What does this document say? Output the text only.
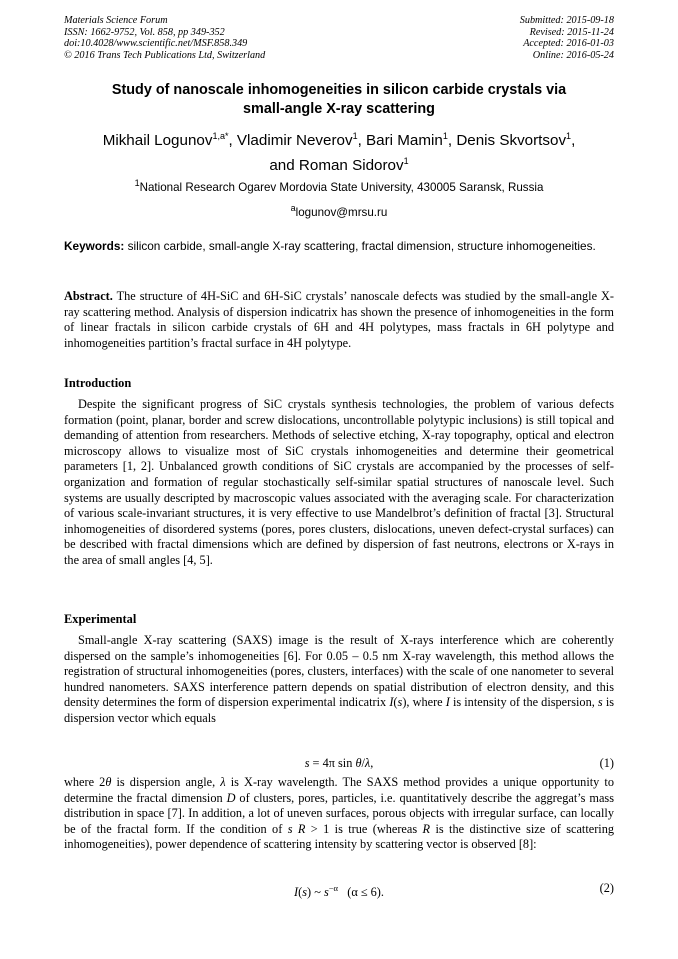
Materials Science Forum
ISSN: 1662-9752, Vol. 858, pp 349-352
doi:10.4028/www.scientific.net/MSF.858.349
© 2016 Trans Tech Publications Ltd, Switzerland
Submitted: 2015-09-18
Revised: 2015-11-24
Accepted: 2016-01-03
Online: 2016-05-24
Study of nanoscale inhomogeneities in silicon carbide crystals via
small-angle X-ray scattering
Mikhail Logunov$^{1,a*}$, Vladimir Neverov$^1$, Bari Mamin$^1$, Denis Skvortsov$^1$,
and Roman Sidorov$^1$
$^1$National Research Ogarev Mordovia State University, 430005 Saransk, Russia
$^a$logunov@mrsu.ru
Keywords: silicon carbide, small-angle X-ray scattering, fractal dimension, structure inhomogeneities.

Abstract. The structure of 4H-SiC and 6H-SiC crystals’ nanoscale defects was studied by the small-angle X-ray scattering method. Analysis of dispersion indicatrix has shown the presence of inhomogeneities in the form of linear fractals in silicon carbide crystals of 6H and 4H polytypes, mass fractals in 6H polytype and inhomogeneities partition’s fractal surface in 4H polytype.

Introduction

Despite the significant progress of SiC crystals synthesis technologies, the problem of various defects formation (point, planar, border and screw dislocations, uncontrollable polytypic inclusions) is still topical and demanding of attention from researchers. Methods of selective etching, X-ray topography, optical and electron microscopy allows to visualize most of SiC crystals inhomogeneities and determine their geometrical parameters [1, 2]. Unbalanced growth conditions of SiC crystals are accompanied by the processes of self-organization and formation of regular stochastically self-similar spatial structures of nanoscale level. Such systems are usually descripted by macroscopic values associated with the averaging scale. For characterization of various scale-invariant structures, it is very effective to use Mandelbrot’s definition of fractal [3]. Structural inhomogeneities of disordered systems (pores, pores clusters, dislocations, uneven defect-crystal surfaces) can be described with fractal dimensions which are defined by dispersion of fast neutrons, electrons or X-rays in the area of small angles [4, 5].

Experimental

Small-angle X-ray scattering (SAXS) image is the result of X-rays interference which are coherently dispersed on the sample’s inhomogeneities [6]. For 0.05 – 0.5 nm X-ray wavelength, this method allows the registration of structural inhomogeneities (pores, clusters, interfaces) with the scale of one nanometer to several hundred nanometers. SAXS interference pattern depends on spatial distribution of electron density, and this density determines the form of dispersion experimental indicatrix I(s), where I is intensity of the dispersion, s is dispersion vector which equals

s = 4π sin θ/λ,	(1)

where 2θ is dispersion angle, λ is X-ray wavelength. The SAXS method provides a unique opportunity to determine the fractal dimension D of clusters, pores, particles, i.e. quantitatively describe the aggregat’s mass distribution in space [7]. In addition, a lot of uneven surfaces, porous objects with irregular surface, can locally be of the fractal form. If the condition of s R > 1 is true (whereas R is the distinctive size of scattering inhomogeneities), power dependence of scattering intensity by scattering vector is observed [8]:

I(s) ~ $s^{-\alpha}$   (α ≤ 6).	(2)
